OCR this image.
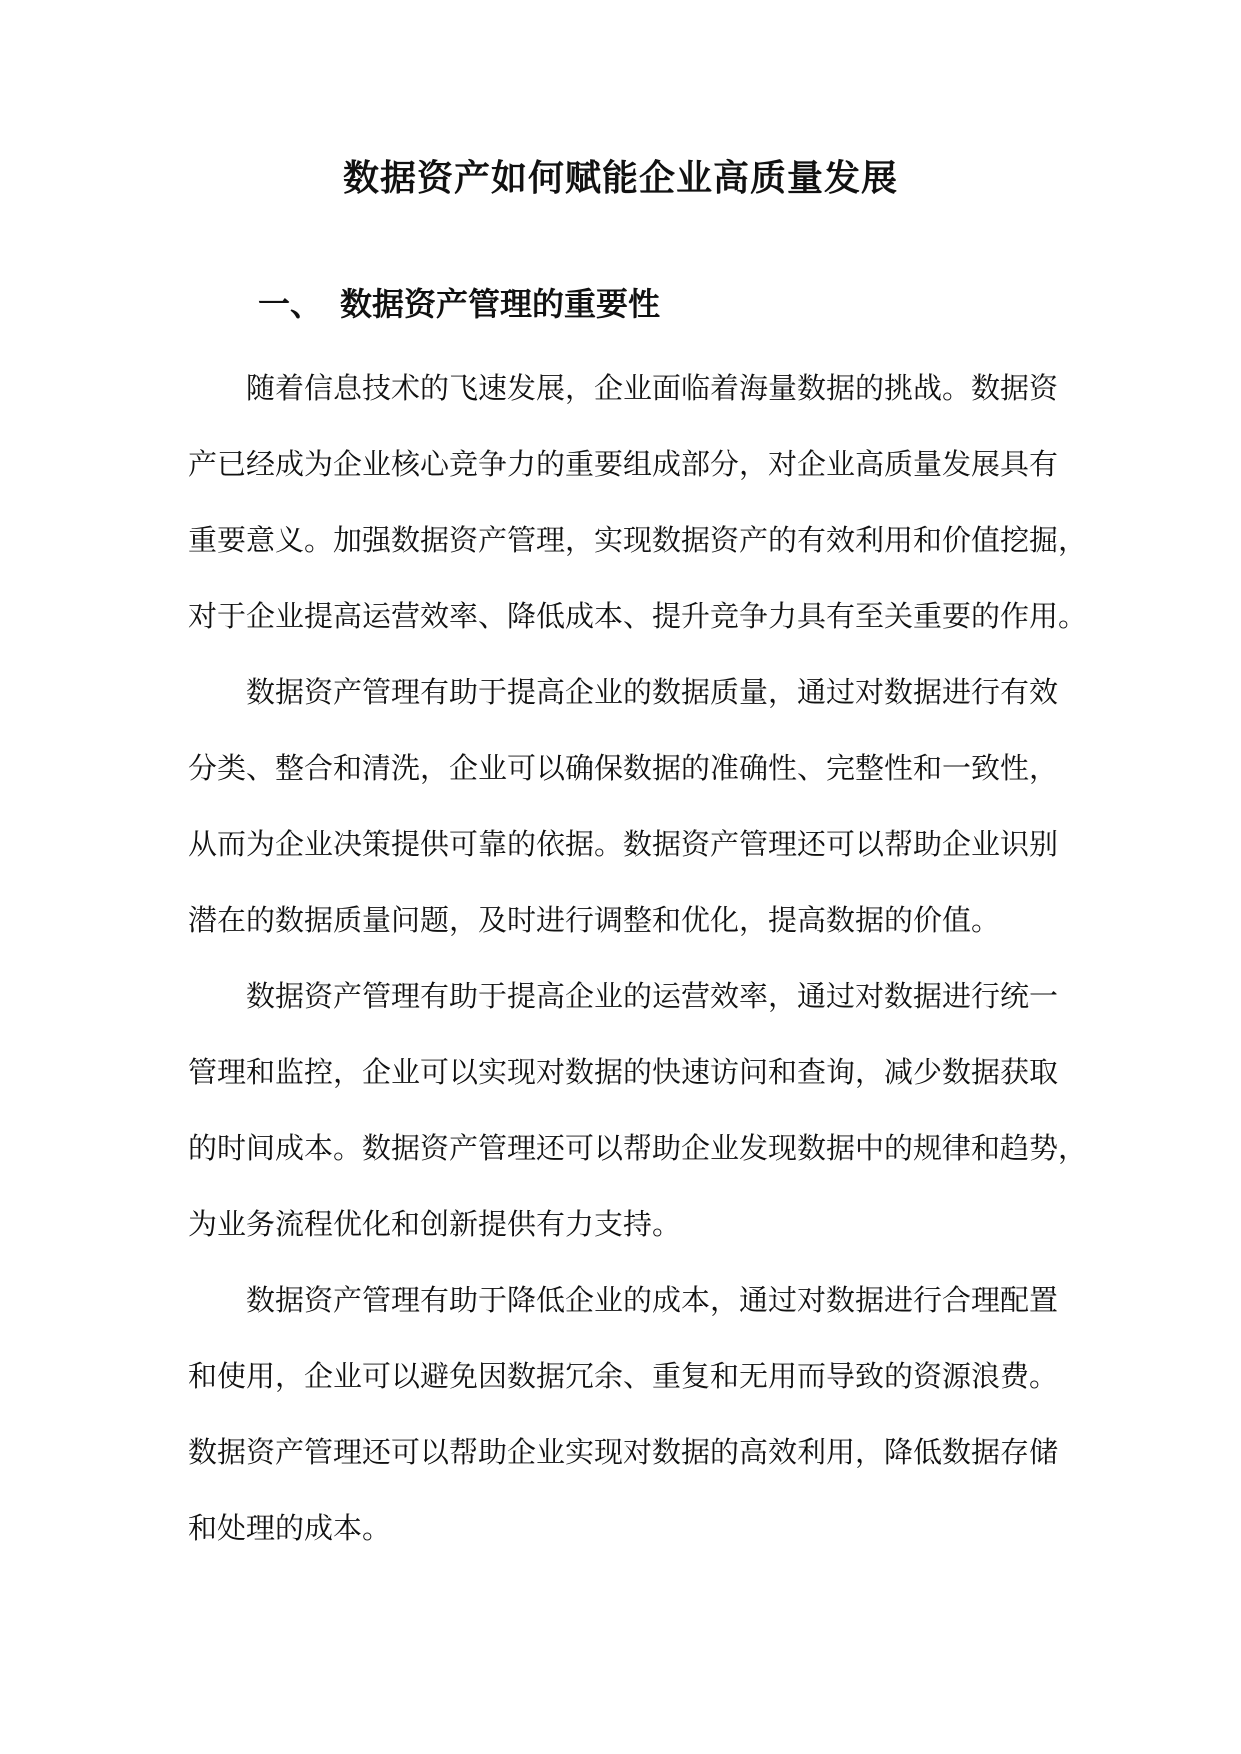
数据资产如何赋能企业高质量发展
一、 数据资产管理的重要性
随着信息技术的飞速发展，企业面临着海量数据的挑战。数据资
产已经成为企业核心竞争力的重要组成部分，对企业高质量发展具有
重要意义。加强数据资产管理，实现数据资产的有效利用和价值挖掘，
对于企业提高运营效率、降低成本、提升竞争力具有至关重要的作用。
数据资产管理有助于提高企业的数据质量，通过对数据进行有效
分类、整合和清洗，企业可以确保数据的准确性、完整性和一致性，
从而为企业决策提供可靠的依据。数据资产管理还可以帮助企业识别
潜在的数据质量问题，及时进行调整和优化，提高数据的价值。
数据资产管理有助于提高企业的运营效率，通过对数据进行统一
管理和监控，企业可以实现对数据的快速访问和查询，减少数据获取
的时间成本。数据资产管理还可以帮助企业发现数据中的规律和趋势，
为业务流程优化和创新提供有力支持。
数据资产管理有助于降低企业的成本，通过对数据进行合理配置
和使用，企业可以避免因数据冗余、重复和无用而导致的资源浪费。
数据资产管理还可以帮助企业实现对数据的高效利用，降低数据存储
和处理的成本。
